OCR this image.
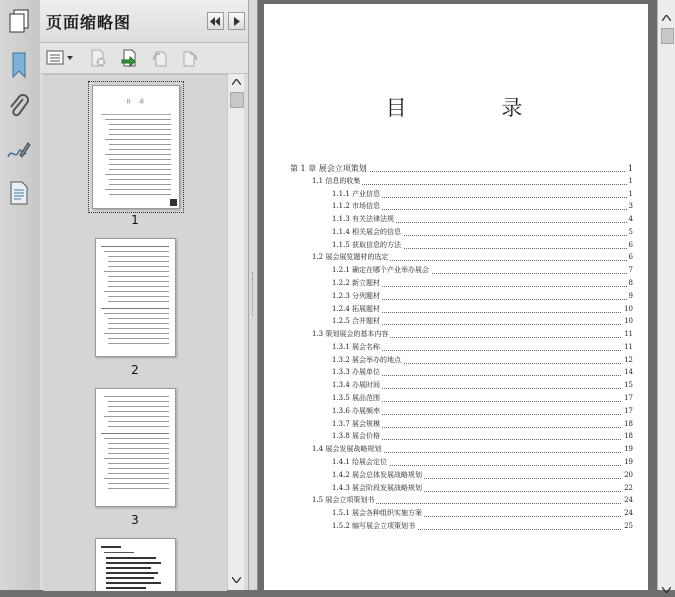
页面缩略图
目录
1
2
3
目 录
第 1 章 展会立项策划	1
1.1 信息的收集	1
1.1.1 产业信息	1
1.1.2 市场信息	3
1.1.3 有关法律法规	4
1.1.4 相关展会的信息	5
1.1.5 获取信息的方法	6
1.2 展会展览题材的选定	6
1.2.1 确定在哪个产业举办展会	7
1.2.2 新立题材	8
1.2.3 分列题材	9
1.2.4 拓展题材	10
1.2.5 合并题材	10
1.3 策划展会的基本内容	11
1.3.1 展会名称	11
1.3.2 展会举办的地点	12
1.3.3 办展单位	14
1.3.4 办展时间	15
1.3.5 展品范围	17
1.3.6 办展频率	17
1.3.7 展会规模	18
1.3.8 展会价格	18
1.4 展会发展战略规划	19
1.4.1 给展会定位	19
1.4.2 展会总体发展战略规划	20
1.4.3 展会阶段发展战略规划	22
1.5 展会立项策划书	24
1.5.1 展会各种组织实施方案	24
1.5.2 编写展会立项策划书	25
